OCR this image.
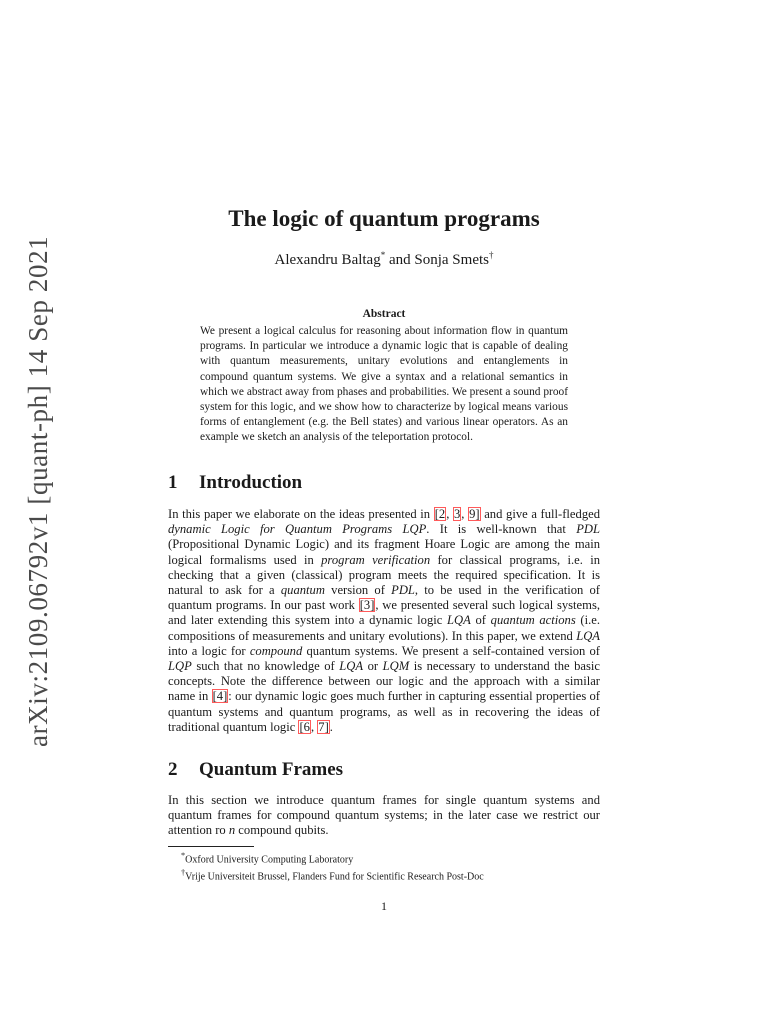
arXiv:2109.06792v1 [quant-ph] 14 Sep 2021
The logic of quantum programs
Alexandru Baltag* and Sonja Smets†
Abstract
We present a logical calculus for reasoning about information flow in quantum programs. In particular we introduce a dynamic logic that is capable of dealing with quantum measurements, unitary evolutions and entanglements in compound quantum systems. We give a syntax and a relational semantics in which we abstract away from phases and probabilities. We present a sound proof system for this logic, and we show how to characterize by logical means various forms of entanglement (e.g. the Bell states) and various linear operators. As an example we sketch an analysis of the teleportation protocol.
1 Introduction

In this paper we elaborate on the ideas presented in [2, 3, 9] and give a full-fledged dynamic Logic for Quantum Programs LQP. It is well-known that PDL (Propositional Dynamic Logic) and its fragment Hoare Logic are among the main logical formalisms used in program verification for classical programs, i.e. in checking that a given (classical) program meets the required specification. It is natural to ask for a quantum version of PDL, to be used in the verification of quantum programs. In our past work [3], we presented several such logical systems, and later extending this system into a dynamic logic LQA of quantum actions (i.e. compositions of measurements and unitary evolutions). In this paper, we extend LQA into a logic for compound quantum systems. We present a self-contained version of LQP such that no knowledge of LQA or LQM is necessary to understand the basic concepts. Note the difference between our logic and the approach with a similar name in [4]: our dynamic logic goes much further in capturing essential properties of quantum systems and quantum programs, as well as in recovering the ideas of traditional quantum logic [6, 7].

2 Quantum Frames

In this section we introduce quantum frames for single quantum systems and quantum frames for compound quantum systems; in the later case we restrict our attention ro n compound qubits.

*Oxford University Computing Laboratory
†Vrije Universiteit Brussel, Flanders Fund for Scientific Research Post-Doc
1
